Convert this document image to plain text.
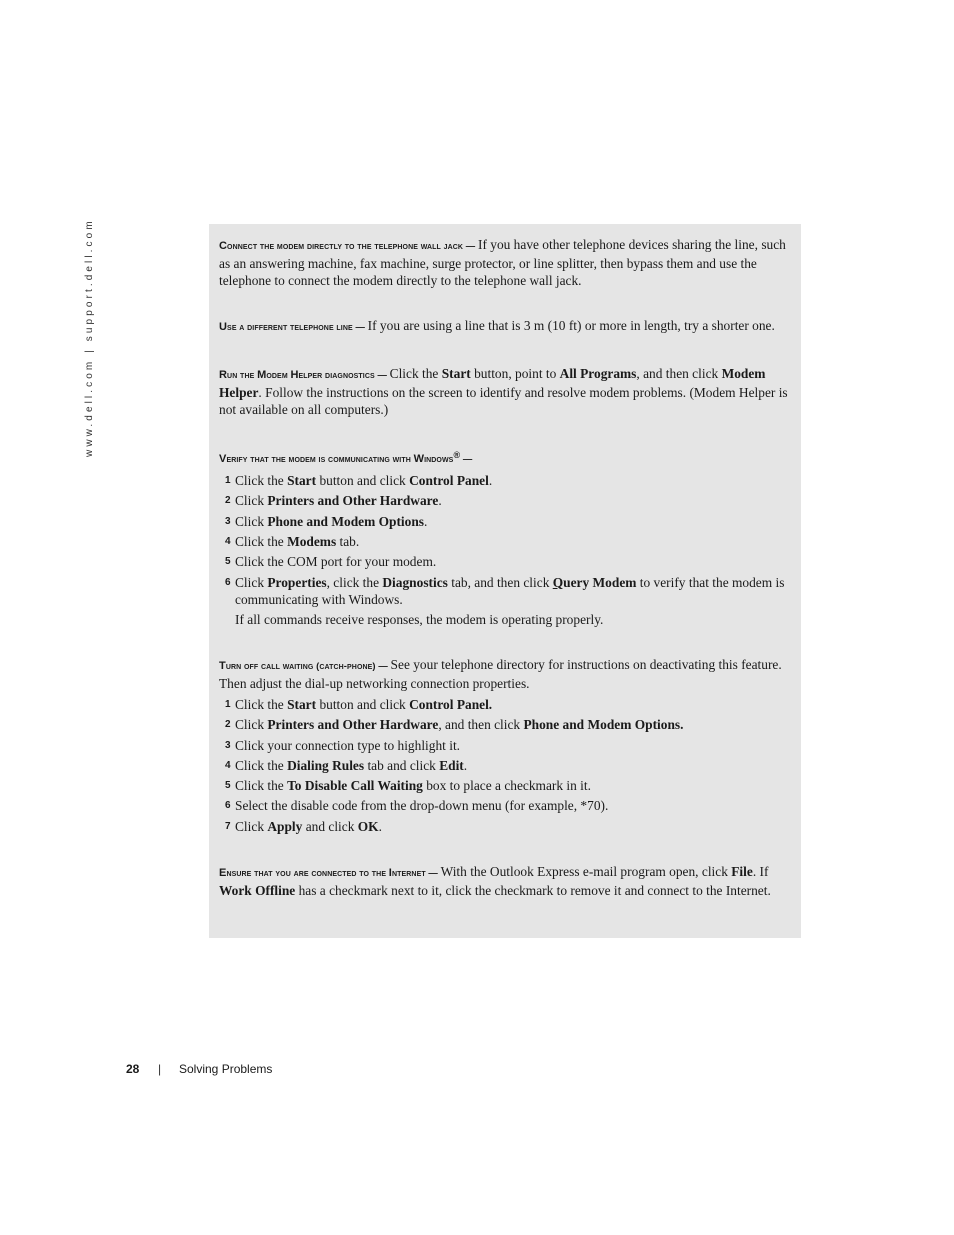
www.dell.com | support.dell.com	Connect the modem directly to the telephone wall jack — If you have other telephone devices sharing the line, such as an answering machine, fax machine, surge protector, or line splitter, then bypass them and use the telephone to connect the modem directly to the telephone wall jack.

Use a different telephone line — If you are using a line that is 3 m (10 ft) or more in length, try a shorter one.

Run the Modem Helper diagnostics — Click the Start button, point to All Programs, and then click Modem Helper. Follow the instructions on the screen to identify and resolve modem problems. (Modem Helper is not available on all computers.)

Verify that the modem is communicating with Windows® —

1 Click the Start button and click Control Panel.
2 Click Printers and Other Hardware.
3 Click Phone and Modem Options.
4 Click the Modems tab.
5 Click the COM port for your modem.
6 Click Properties, click the Diagnostics tab, and then click Query Modem to verify that the modem is communicating with Windows.
If all commands receive responses, the modem is operating properly.

Turn off call waiting (catch-phone) — See your telephone directory for instructions on deactivating this feature. Then adjust the dial-up networking connection properties.

1 Click the Start button and click Control Panel.
2 Click Printers and Other Hardware, and then click Phone and Modem Options.
3 Click your connection type to highlight it.
4 Click the Dialing Rules tab and click Edit.
5 Click the To Disable Call Waiting box to place a checkmark in it.
6 Select the disable code from the drop-down menu (for example, *70).
7 Click Apply and click OK.

Ensure that you are connected to the Internet — With the Outlook Express e-mail program open, click File. If Work Offline has a checkmark next to it, click the checkmark to remove it and connect to the Internet.

28 | Solving Problems
